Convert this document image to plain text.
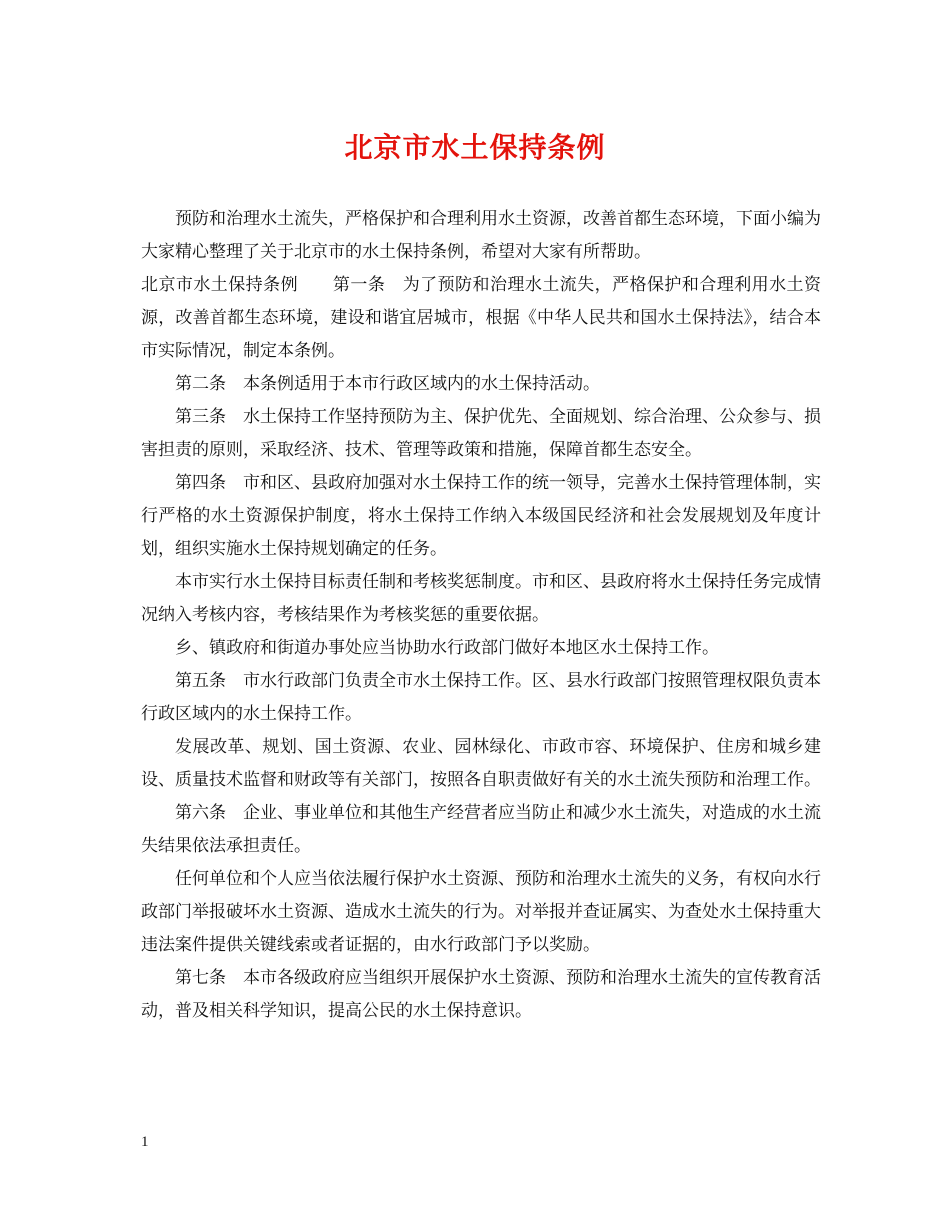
北京市水土保持条例

预防和治理水土流失，严格保护和合理利用水土资源，改善首都生态环境，下面小编为大家精心整理了关于北京市的水土保持条例，希望对大家有所帮助。

北京市水土保持条例　　第一条　为了预防和治理水土流失，严格保护和合理利用水土资源，改善首都生态环境，建设和谐宜居城市，根据《中华人民共和国水土保持法》，结合本市实际情况，制定本条例。

第二条　本条例适用于本市行政区域内的水土保持活动。

第三条　水土保持工作坚持预防为主、保护优先、全面规划、综合治理、公众参与、损害担责的原则，采取经济、技术、管理等政策和措施，保障首都生态安全。

第四条　市和区、县政府加强对水土保持工作的统一领导，完善水土保持管理体制，实行严格的水土资源保护制度，将水土保持工作纳入本级国民经济和社会发展规划及年度计划，组织实施水土保持规划确定的任务。

本市实行水土保持目标责任制和考核奖惩制度。市和区、县政府将水土保持任务完成情况纳入考核内容，考核结果作为考核奖惩的重要依据。

乡、镇政府和街道办事处应当协助水行政部门做好本地区水土保持工作。

第五条　市水行政部门负责全市水土保持工作。区、县水行政部门按照管理权限负责本行政区域内的水土保持工作。

发展改革、规划、国土资源、农业、园林绿化、市政市容、环境保护、住房和城乡建设、质量技术监督和财政等有关部门，按照各自职责做好有关的水土流失预防和治理工作。

第六条　企业、事业单位和其他生产经营者应当防止和减少水土流失，对造成的水土流失结果依法承担责任。

任何单位和个人应当依法履行保护水土资源、预防和治理水土流失的义务，有权向水行政部门举报破坏水土资源、造成水土流失的行为。对举报并查证属实、为查处水土保持重大违法案件提供关键线索或者证据的，由水行政部门予以奖励。

第七条　本市各级政府应当组织开展保护水土资源、预防和治理水土流失的宣传教育活动，普及相关科学知识，提高公民的水土保持意识。

1
